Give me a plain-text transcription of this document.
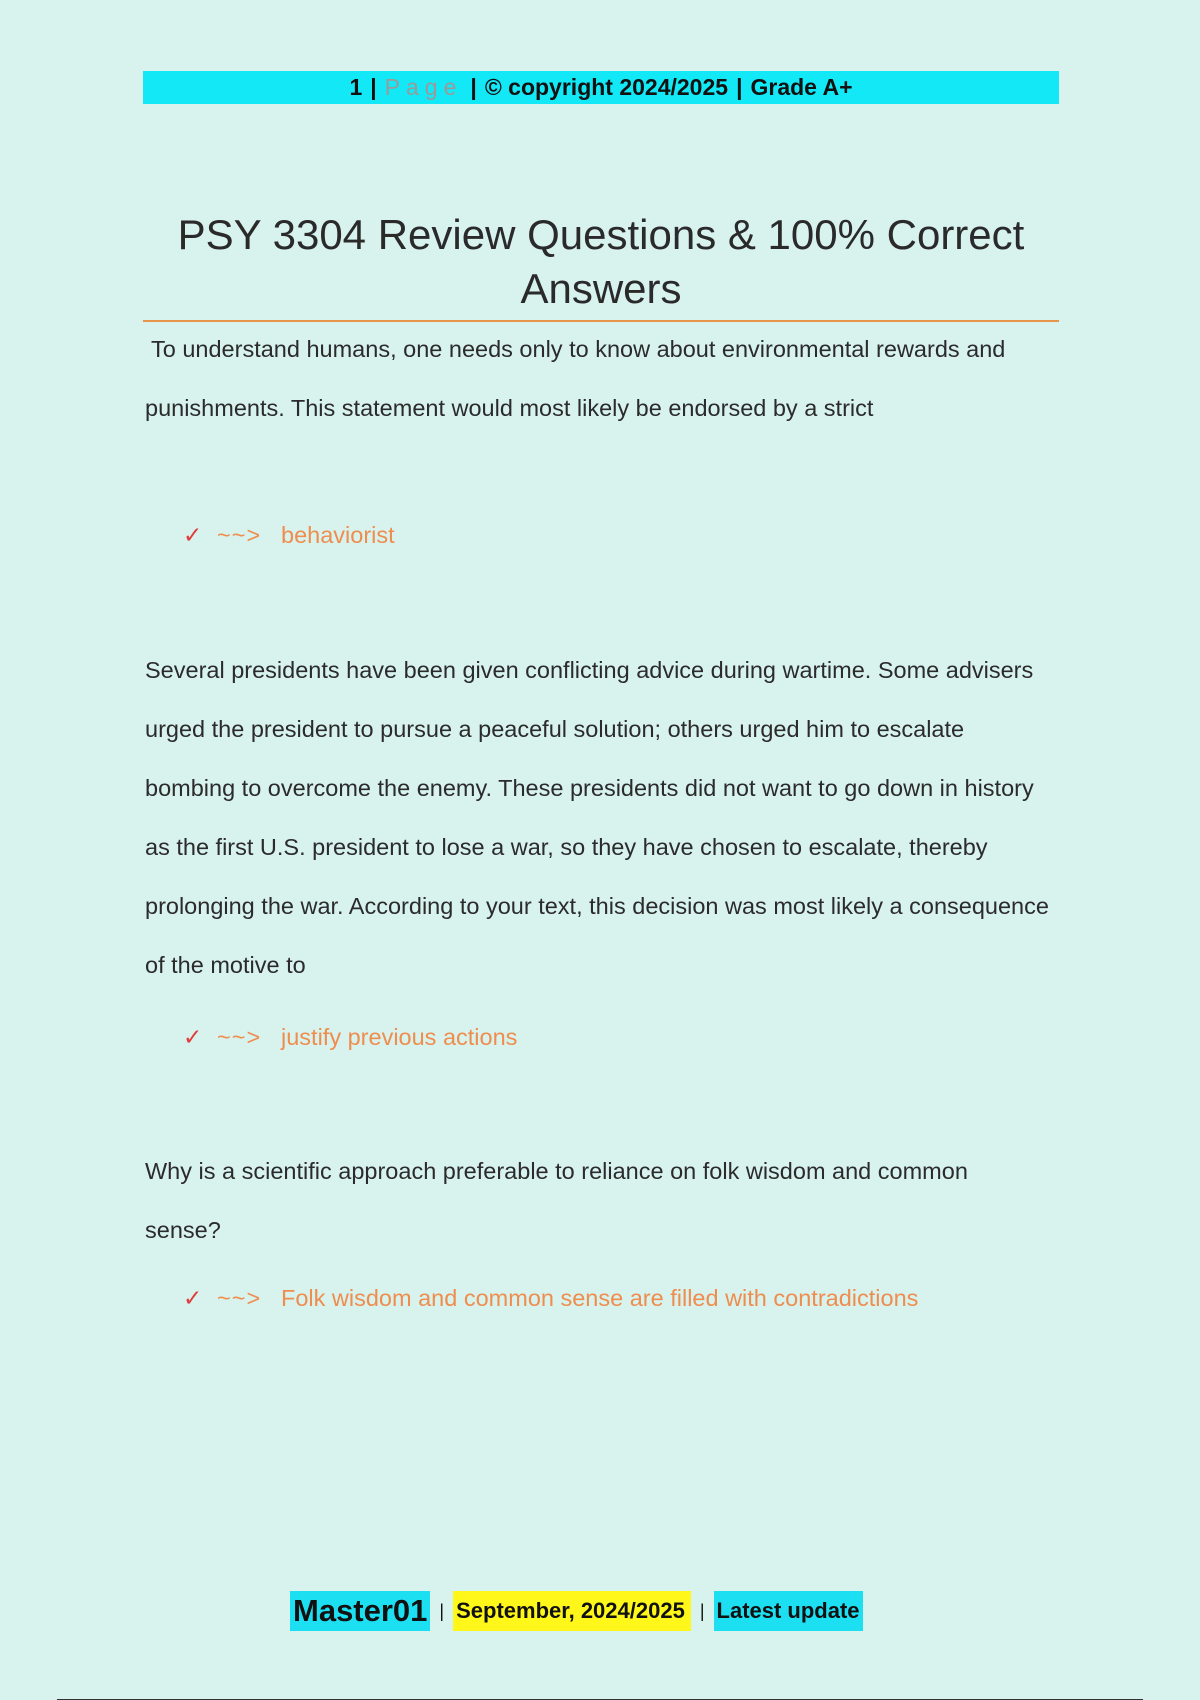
1 | Page | © copyright 2024/2025 | Grade A+
PSY 3304 Review Questions & 100% Correct Answers

To understand humans, one needs only to know about environmental rewards and punishments. This statement would most likely be endorsed by a strict

✓ ~~> behaviorist

Several presidents have been given conflicting advice during wartime. Some advisers urged the president to pursue a peaceful solution; others urged him to escalate bombing to overcome the enemy. These presidents did not want to go down in history as the first U.S. president to lose a war, so they have chosen to escalate, thereby prolonging the war. According to your text, this decision was most likely a consequence of the motive to

✓ ~~> justify previous actions

Why is a scientific approach preferable to reliance on folk wisdom and common sense?

✓ ~~> Folk wisdom and common sense are filled with contradictions
Master01 | September, 2024/2025 | Latest update
